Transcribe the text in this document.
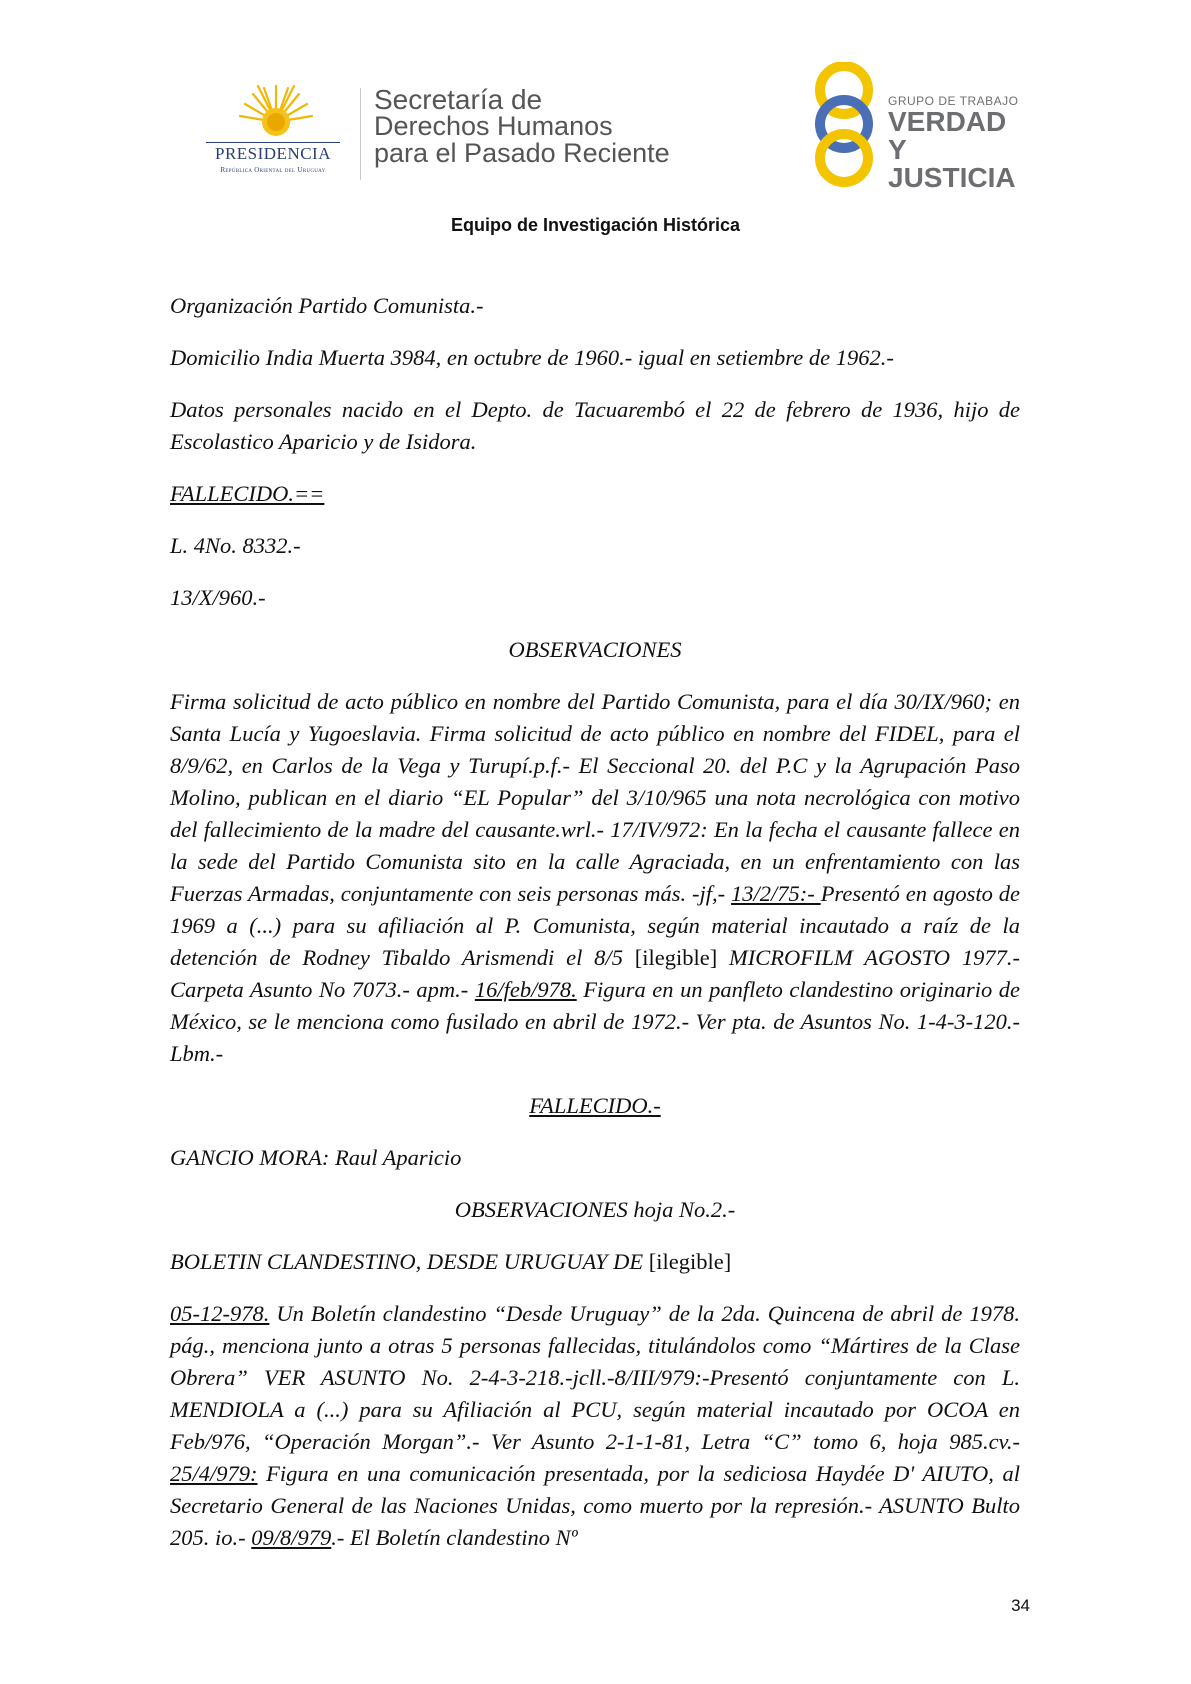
PRESIDENCIA
República Oriental del Uruguay
Secretaría de
Derechos Humanos
para el Pasado Reciente
GRUPO DE TRABAJO
VERDAD Y
JUSTICIA
Equipo de Investigación Histórica

Organización Partido Comunista.-

Domicilio India Muerta 3984, en octubre de 1960.- igual en setiembre de 1962.-

Datos personales nacido en el Depto. de Tacuarembó el 22 de febrero de 1936, hijo de Escolastico Aparicio y de Isidora.

FALLECIDO.==

L. 4No. 8332.-

13/X/960.-

OBSERVACIONES

Firma solicitud de acto público en nombre del Partido Comunista, para el día 30/IX/960; en Santa Lucía y Yugoeslavia. Firma solicitud de acto público en nombre del FIDEL, para el 8/9/62, en Carlos de la Vega y Turupí.p.f.- El Seccional 20. del P.C y la Agrupación Paso Molino, publican en el diario “EL Popular” del 3/10/965 una nota necrológica con motivo del fallecimiento de la madre del causante.wrl.- 17/IV/972: En la fecha el causante fallece en la sede del Partido Comunista sito en la calle Agraciada, en un enfrentamiento con las Fuerzas Armadas, conjuntamente con seis personas más. -jf,- 13/2/75:- Presentó en agosto de 1969 a (...) para su afiliación al P. Comunista, según material incautado a raíz de la detención de Rodney Tibaldo Arismendi el 8/5 [ilegible] MICROFILM AGOSTO 1977.- Carpeta Asunto No 7073.- apm.- 16/feb/978. Figura en un panfleto clandestino originario de México, se le menciona como fusilado en abril de 1972.- Ver pta. de Asuntos No. 1-4-3-120.-Lbm.-

FALLECIDO.-

GANCIO MORA: Raul Aparicio

OBSERVACIONES hoja No.2.-

BOLETIN CLANDESTINO, DESDE URUGUAY DE [ilegible]

05-12-978. Un Boletín clandestino “Desde Uruguay” de la 2da. Quincena de abril de 1978. pág., menciona junto a otras 5 personas fallecidas, titulándolos como “Mártires de la Clase Obrera” VER ASUNTO No. 2-4-3-218.-jcll.-8/III/979:-Presentó conjuntamente con L. MENDIOLA a (...) para su Afiliación al PCU, según material incautado por OCOA en Feb/976, “Operación Morgan”.- Ver Asunto 2-1-1-81, Letra “C” tomo 6, hoja 985.cv.- 25/4/979: Figura en una comunicación presentada, por la sediciosa Haydée D' AIUTO, al Secretario General de las Naciones Unidas, como muerto por la represión.- ASUNTO Bulto 205. io.- 09/8/979.- El Boletín clandestino Nº

34
